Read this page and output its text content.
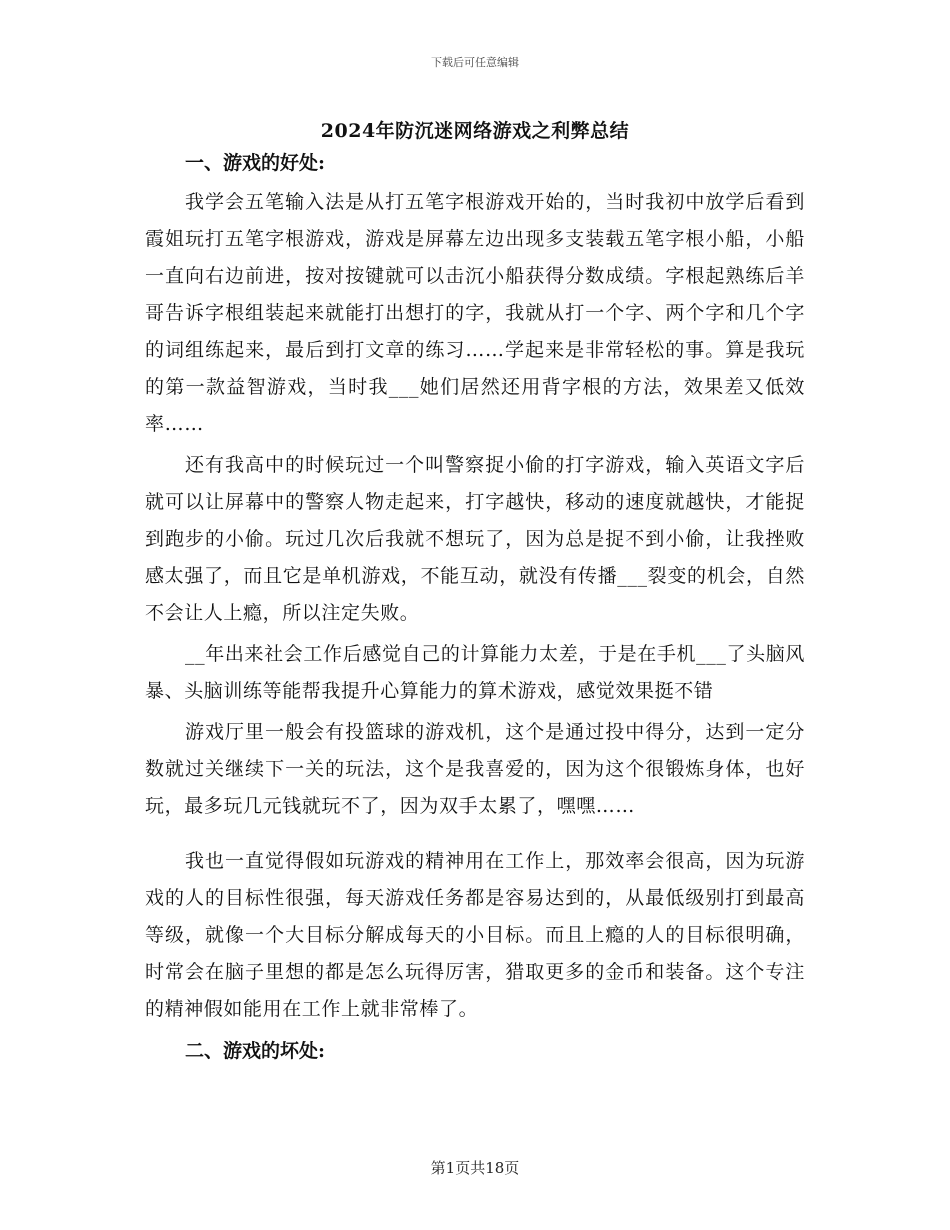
下载后可任意编辑
2024年防沉迷网络游戏之利弊总结

一、游戏的好处:

我学会五笔输入法是从打五笔字根游戏开始的，当时我初中放学后看到霞姐玩打五笔字根游戏，游戏是屏幕左边出现多支装载五笔字根小船，小船一直向右边前进，按对按键就可以击沉小船获得分数成绩。字根起熟练后羊哥告诉字根组装起来就能打出想打的字，我就从打一个字、两个字和几个字的词组练起来，最后到打文章的练习……学起来是非常轻松的事。算是我玩的第一款益智游戏，当时我___她们居然还用背字根的方法，效果差又低效率……

还有我高中的时候玩过一个叫警察捉小偷的打字游戏，输入英语文字后就可以让屏幕中的警察人物走起来，打字越快，移动的速度就越快，才能捉到跑步的小偷。玩过几次后我就不想玩了，因为总是捉不到小偷，让我挫败感太强了，而且它是单机游戏，不能互动，就没有传播___裂变的机会，自然不会让人上瘾，所以注定失败。

__年出来社会工作后感觉自己的计算能力太差，于是在手机___了头脑风暴、头脑训练等能帮我提升心算能力的算术游戏，感觉效果挺不错

游戏厅里一般会有投篮球的游戏机，这个是通过投中得分，达到一定分数就过关继续下一关的玩法，这个是我喜爱的，因为这个很锻炼身体，也好玩，最多玩几元钱就玩不了，因为双手太累了，嘿嘿……

我也一直觉得假如玩游戏的精神用在工作上，那效率会很高，因为玩游戏的人的目标性很强，每天游戏任务都是容易达到的，从最低级别打到最高等级，就像一个大目标分解成每天的小目标。而且上瘾的人的目标很明确，时常会在脑子里想的都是怎么玩得厉害，猎取更多的金币和装备。这个专注的精神假如能用在工作上就非常棒了。

二、游戏的坏处:

第1页共18页
